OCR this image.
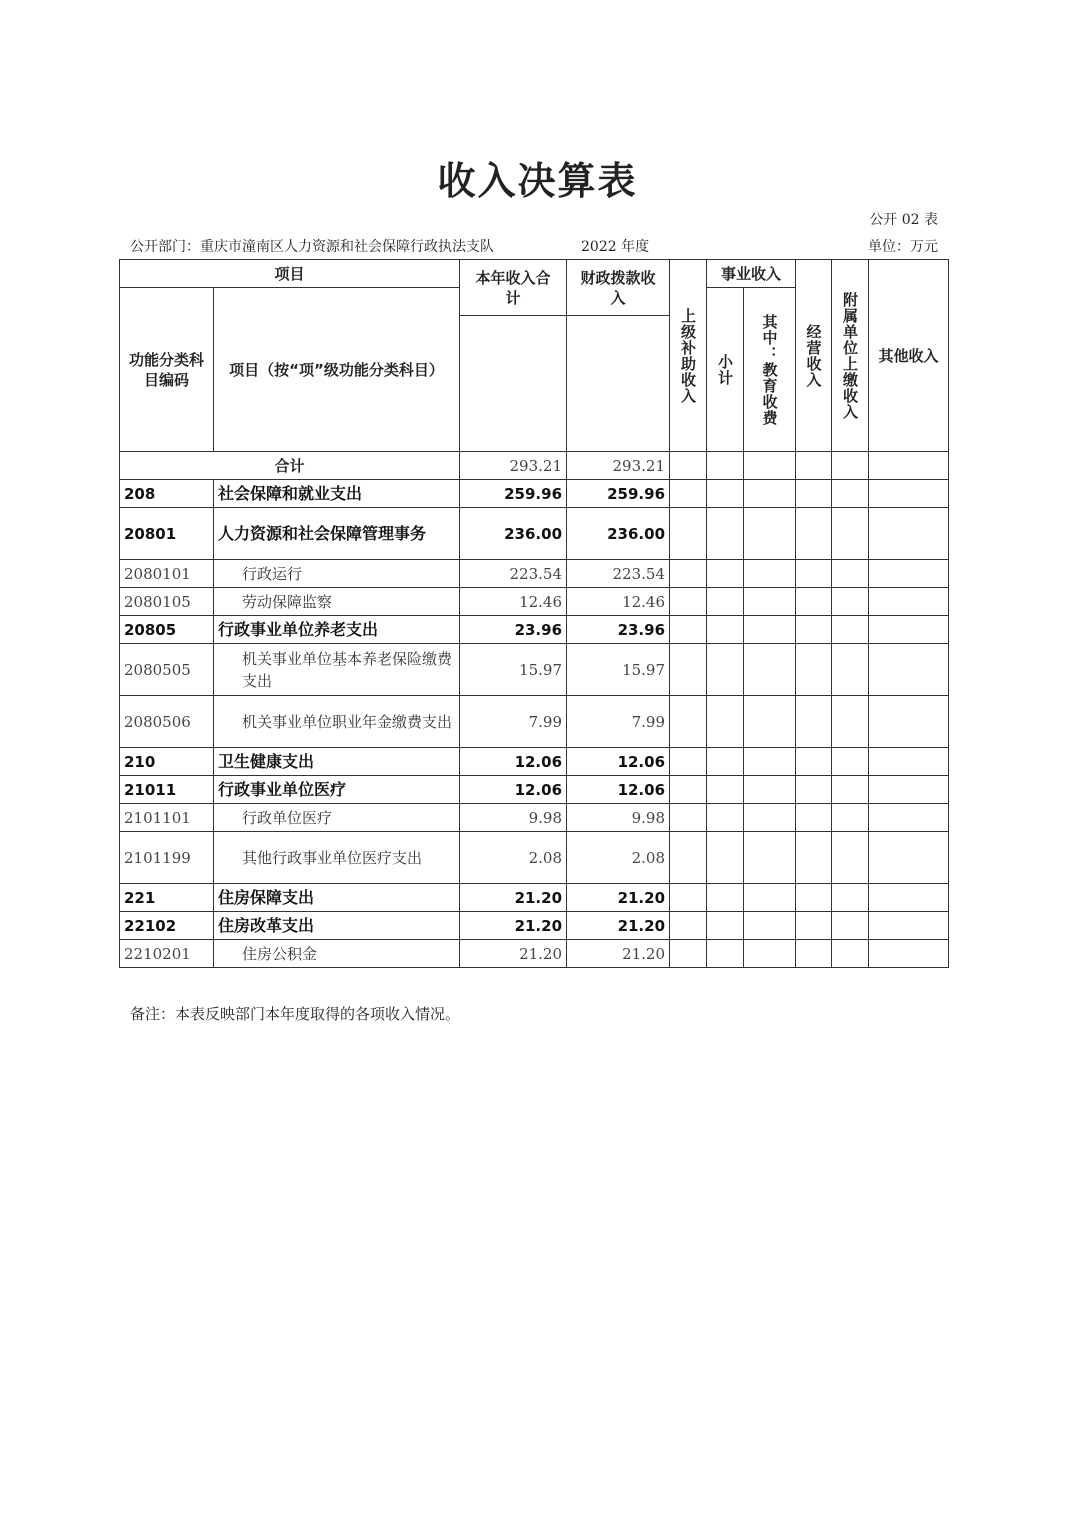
收入决算表
公开 02 表
公开部门：重庆市潼南区人力资源和社会保障行政执法支队	2022 年度	单位：万元
项目		本年收入合计	财政拨款收入	上级补助收入	事业收入		经营收入	附属单位上缴收入	其他收入

功能分类科目编码	项目（按“项”级功能分类科目）				小计	其中：教育收费			

合计		293.21	293.21						
208	社会保障和就业支出	259.96	259.96						
20801	人力资源和社会保障管理事务	236.00	236.00						
2080101	行政运行	223.54	223.54						
2080105	劳动保障监察	12.46	12.46						
20805	行政事业单位养老支出	23.96	23.96						
2080505	机关事业单位基本养老保险缴费支出	15.97	15.97						
2080506	机关事业单位职业年金缴费支出	7.99	7.99						
210	卫生健康支出	12.06	12.06						
21011	行政事业单位医疗	12.06	12.06						
2101101	行政单位医疗	9.98	9.98						
2101199	其他行政事业单位医疗支出	2.08	2.08						
221	住房保障支出	21.20	21.20						
22102	住房改革支出	21.20	21.20						
2210201	住房公积金	21.20	21.20						
备注：本表反映部门本年度取得的各项收入情况。
